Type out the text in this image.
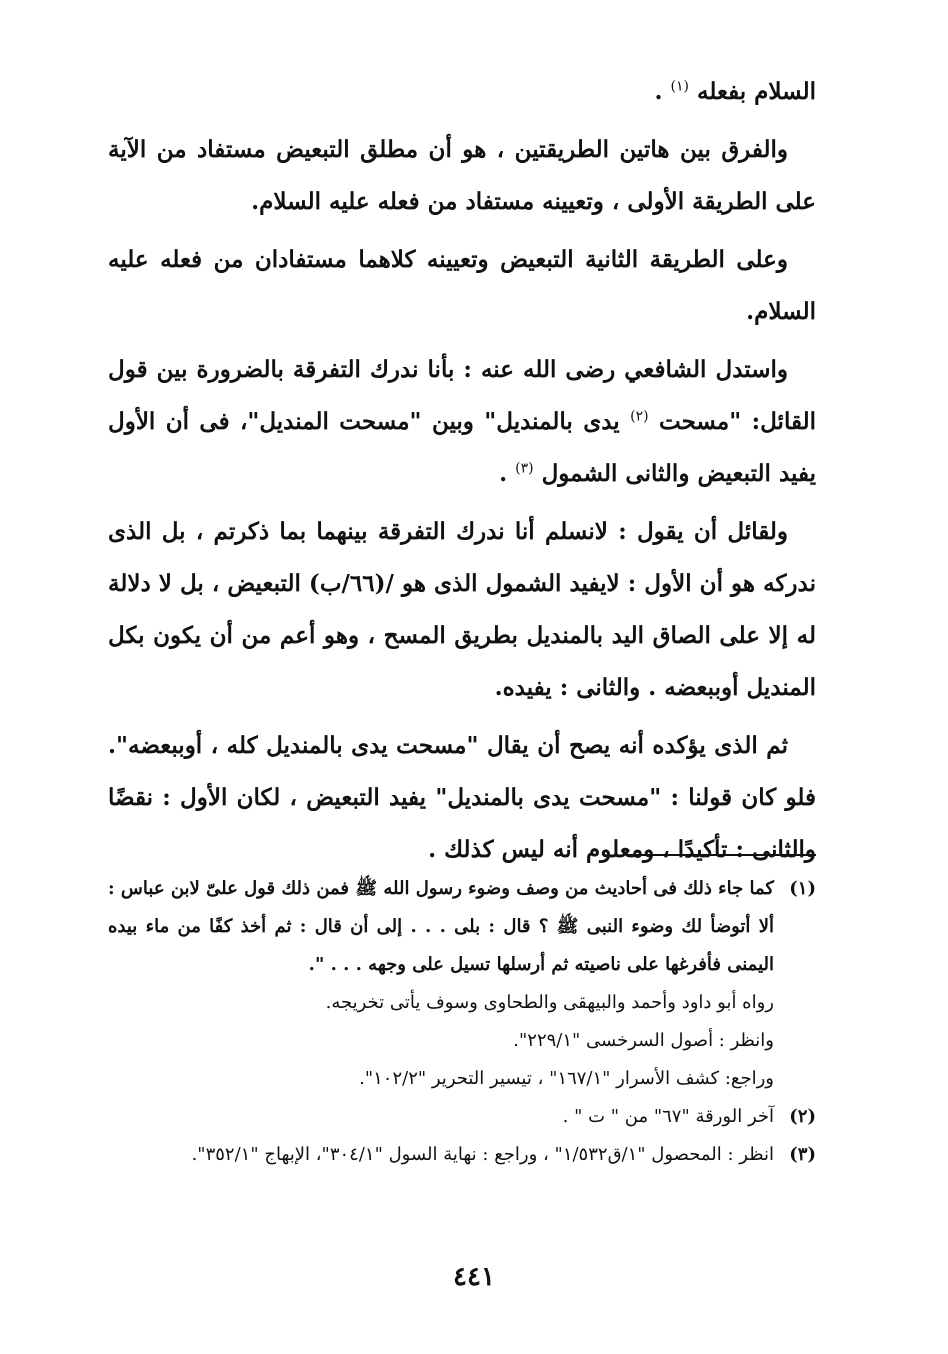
السلام بفعله $^{(١)}$ .

والفرق بين هاتين الطريقتين ، هو أن مطلق التبعيض مستفاد من الآية على الطريقة الأولى ، وتعيينه مستفاد من فعله عليه السلام.

وعلى الطريقة الثانية التبعيض وتعيينه كلاهما مستفادان من فعله عليه السلام.

واستدل الشافعي رضى الله عنه : بأنا ندرك التفرقة بالضرورة بين قول القائل: "مسحت $^{(٢)}$ يدى بالمنديل" وبين "مسحت المنديل"، فى أن الأول يفيد التبعيض والثانى الشمول $^{(٣)}$ .

ولقائل أن يقول : لانسلم أنا ندرك التفرقة بينهما بما ذكرتم ، بل الذى ندركه هو أن الأول : لايفيد الشمول الذى هو /(٦٦/ب) التبعيض ، بل لا دلالة له إلا على الصاق اليد بالمنديل بطريق المسح ، وهو أعم من أن يكون بكل المنديل أوببعضه . والثانى : يفيده.

ثم الذى يؤكده أنه يصح أن يقال "مسحت يدى بالمنديل كله ، أوببعضه". فلو كان قولنا : "مسحت يدى بالمنديل" يفيد التبعيض ، لكان الأول : نقضًا والثانى : تأكيدًا ، ومعلوم أنه ليس كذلك .

(١)
كما جاء ذلك فى أحاديث من وصف وضوء رسول الله ﷺ فمن ذلك قول علىّ لابن عباس : ألا أتوضأ لك وضوء النبى ﷺ ؟ قال : بلى . . . إلى أن قال : ثم أخذ كفًا من ماء بيده اليمنى فأفرغها على ناصيته ثم أرسلها تسيل على وجهه . . . ".

رواه أبو داود وأحمد والبيهقى والطحاوى وسوف يأتى تخريجه.

وانظر : أصول السرخسى "٢٢٩/١".

وراجع: كشف الأسرار "١٦٧/١" ، تيسير التحرير "١٠٢/٢".

(٢)
آخر الورقة "٦٧" من " ت " .
(٣)
انظر : المحصول "١/ق١/٥٣٢" ، وراجع : نهاية السول "٣٠٤/١"، الإبهاج "٣٥٢/١".
٤٤١
